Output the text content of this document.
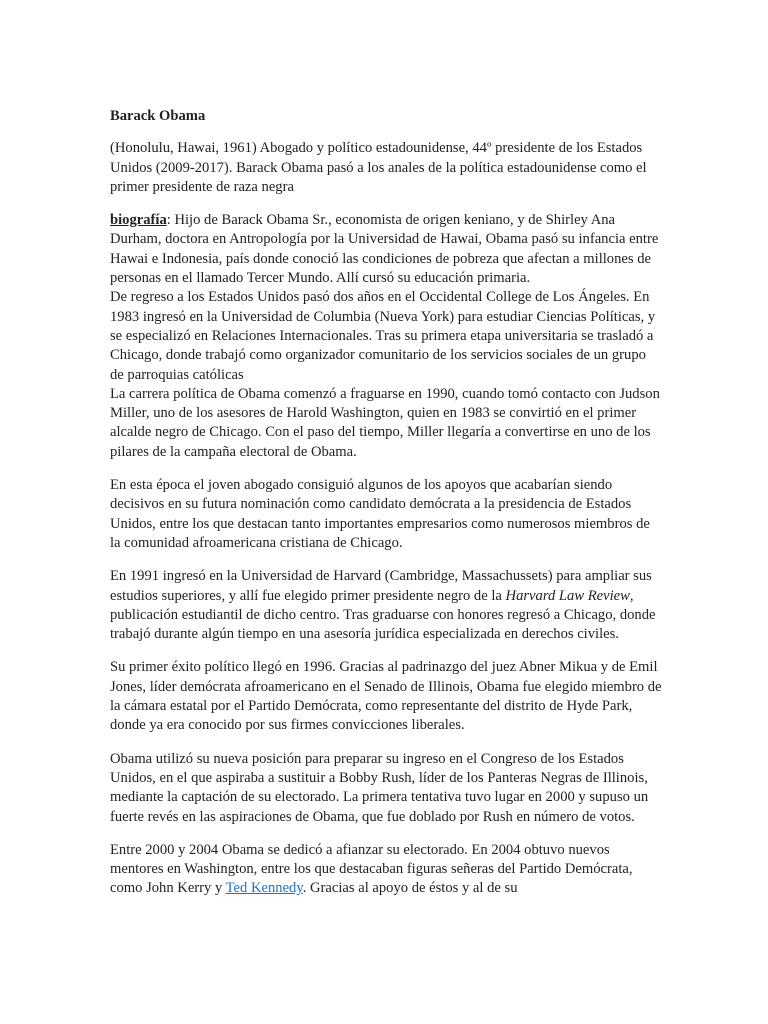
Barack Obama

(Honolulu, Hawai, 1961) Abogado y político estadounidense, 44º presidente de los Estados Unidos (2009-2017). Barack Obama pasó a los anales de la política estadounidense como el primer presidente de raza negra

biografía: Hijo de Barack Obama Sr., economista de origen keniano, y de Shirley Ana Durham, doctora en Antropología por la Universidad de Hawai, Obama pasó su infancia entre Hawai e Indonesia, país donde conoció las condiciones de pobreza que afectan a millones de personas en el llamado Tercer Mundo. Allí cursó su educación primaria.
De regreso a los Estados Unidos pasó dos años en el Occidental College de Los Ángeles. En 1983 ingresó en la Universidad de Columbia (Nueva York) para estudiar Ciencias Políticas, y se especializó en Relaciones Internacionales. Tras su primera etapa universitaria se trasladó a Chicago, donde trabajó como organizador comunitario de los servicios sociales de un grupo de parroquias católicas
La carrera política de Obama comenzó a fraguarse en 1990, cuando tomó contacto con Judson Miller, uno de los asesores de Harold Washington, quien en 1983 se convirtió en el primer alcalde negro de Chicago. Con el paso del tiempo, Miller llegaría a convertirse en uno de los pilares de la campaña electoral de Obama.

En esta época el joven abogado consiguió algunos de los apoyos que acabarían siendo decisivos en su futura nominación como candidato demócrata a la presidencia de Estados Unidos, entre los que destacan tanto importantes empresarios como numerosos miembros de la comunidad afroamericana cristiana de Chicago.

En 1991 ingresó en la Universidad de Harvard (Cambridge, Massachussets) para ampliar sus estudios superiores, y allí fue elegido primer presidente negro de la Harvard Law Review, publicación estudiantil de dicho centro. Tras graduarse con honores regresó a Chicago, donde trabajó durante algún tiempo en una asesoría jurídica especializada en derechos civiles.

Su primer éxito político llegó en 1996. Gracias al padrinazgo del juez Abner Mikua y de Emil Jones, líder demócrata afroamericano en el Senado de Illinois, Obama fue elegido miembro de la cámara estatal por el Partido Demócrata, como representante del distrito de Hyde Park, donde ya era conocido por sus firmes convicciones liberales.

Obama utilizó su nueva posición para preparar su ingreso en el Congreso de los Estados Unidos, en el que aspiraba a sustituir a Bobby Rush, líder de los Panteras Negras de Illinois, mediante la captación de su electorado. La primera tentativa tuvo lugar en 2000 y supuso un fuerte revés en las aspiraciones de Obama, que fue doblado por Rush en número de votos.

Entre 2000 y 2004 Obama se dedicó a afianzar su electorado. En 2004 obtuvo nuevos mentores en Washington, entre los que destacaban figuras señeras del Partido Demócrata, como John Kerry y Ted Kennedy. Gracias al apoyo de éstos y al de su
